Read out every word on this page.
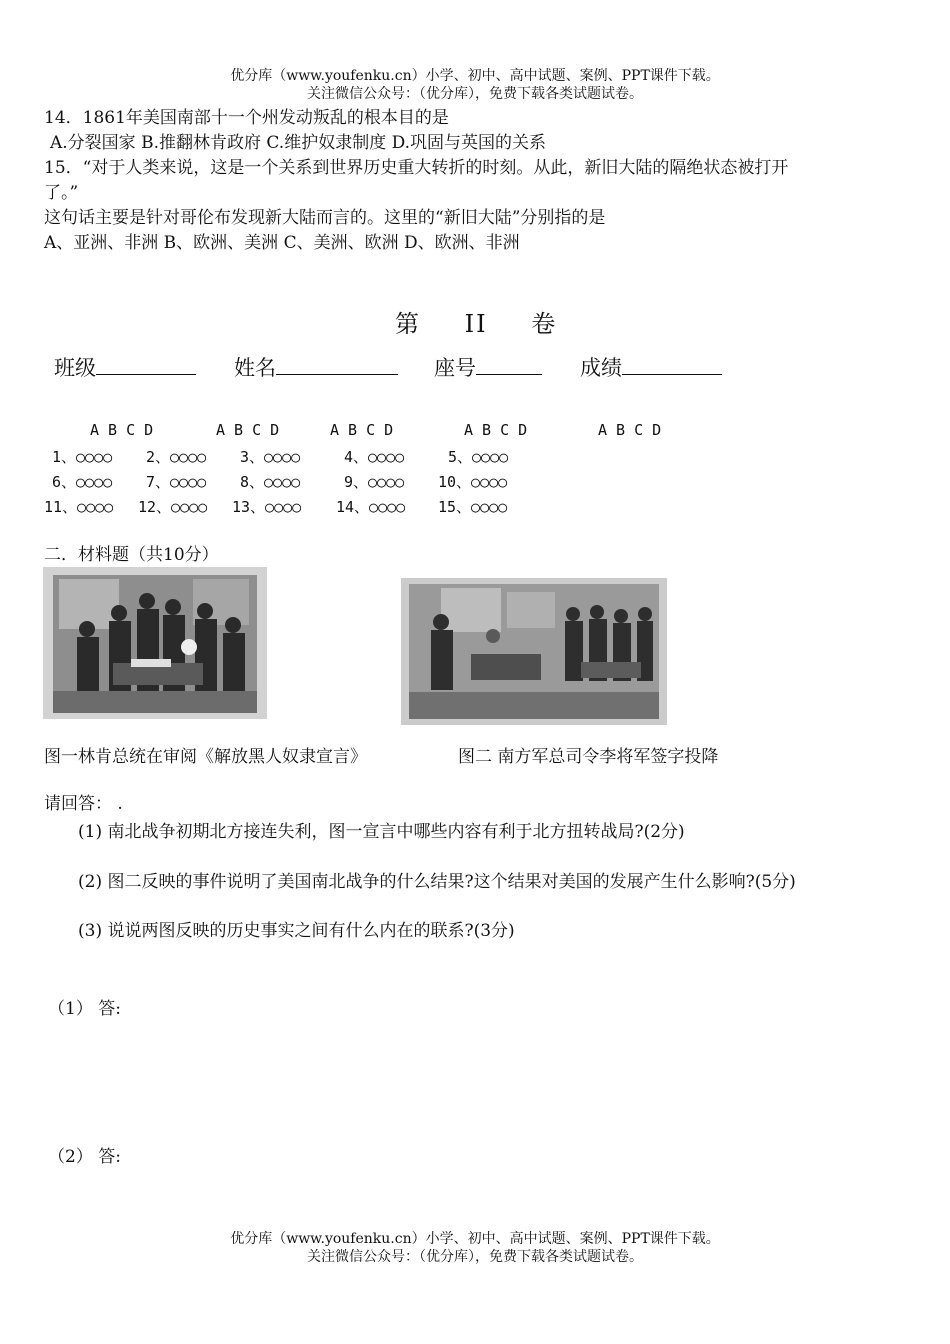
优分库（www.youfenku.cn）小学、初中、高中试题、案例、PPT课件下载。
关注微信公众号：（优分库），免费下载各类试题试卷。
14．1861年美国南部十一个州发动叛乱的根本目的是
A.分裂国家 B.推翻林肯政府 C.维护奴隶制度 D.巩固与英国的关系
15．“对于人类来说，这是一个关系到世界历史重大转折的时刻。从此，新旧大陆的隔绝状态被打开
了。”
这句话主要是针对哥伦布发现新大陆而言的。这里的“新旧大陆”分别指的是
A、亚洲、非洲 B、欧洲、美洲 C、美洲、欧洲 D、欧洲、非洲
第 II 卷
班级	姓名	座号	成绩
A B C D	A B C D	A B C D	A B C D	A B C D
1、○○○○ 2、○○○○ 3、○○○○	4、○○○○	5、○○○○
6、○○○○ 7、○○○○ 8、○○○○	9、○○○○ 10、○○○○
11、○○○○ 12、○○○○ 13、○○○○ 14、○○○○ 15、○○○○
二．材料题（共10分）
图一林肯总统在审阅《解放黑人奴隶宣言》	图二 南方军总司令李将军签字投降
请回答： .
(1) 南北战争初期北方接连失利，图一宣言中哪些内容有利于北方扭转战局?(2分)
(2) 图二反映的事件说明了美国南北战争的什么结果?这个结果对美国的发展产生什么影响?(5分)
(3) 说说两图反映的历史事实之间有什么内在的联系?(3分)
（1） 答:
（2） 答:
优分库（www.youfenku.cn）小学、初中、高中试题、案例、PPT课件下载。
关注微信公众号：（优分库），免费下载各类试题试卷。
